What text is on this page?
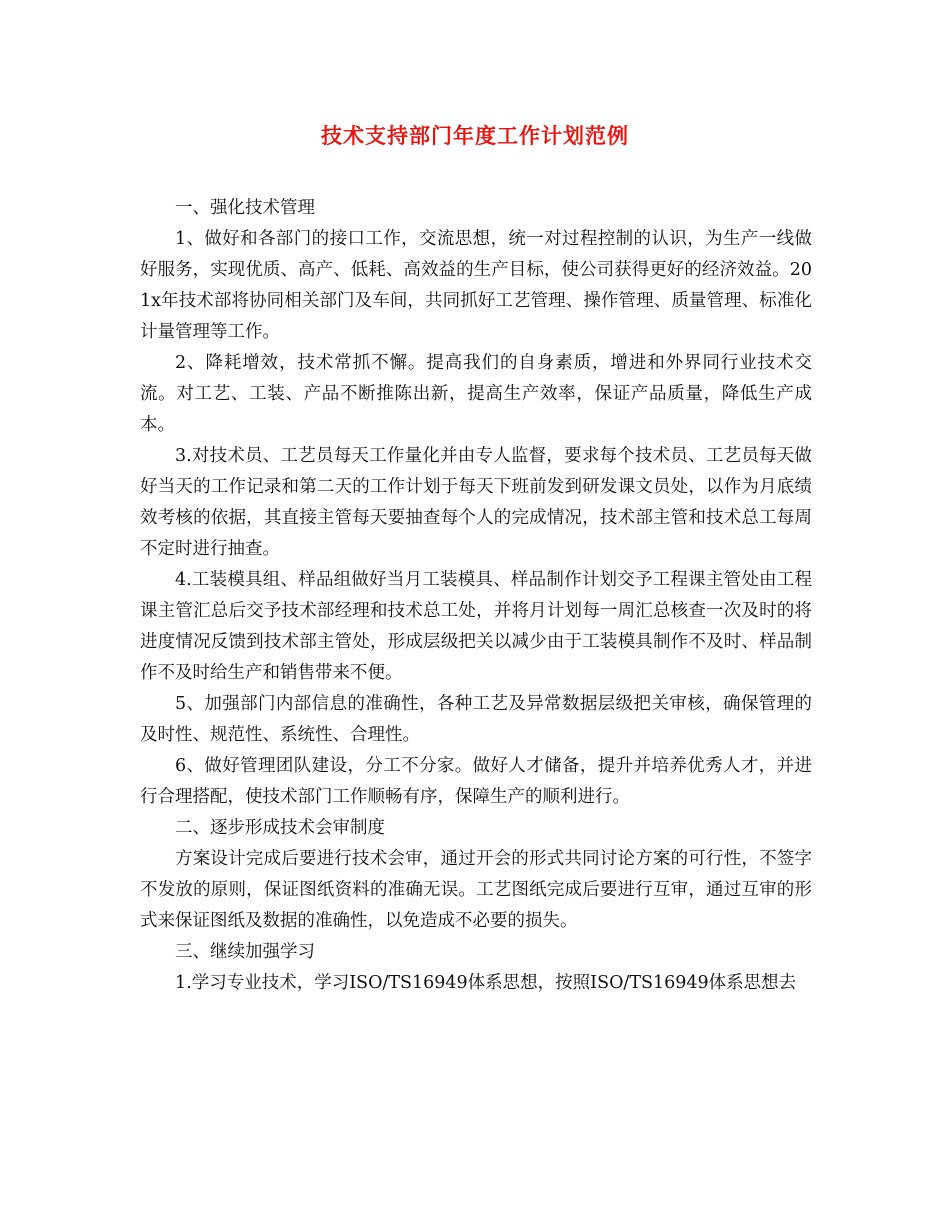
技术支持部门年度工作计划范例

一、强化技术管理

1、做好和各部门的接口工作，交流思想，统一对过程控制的认识，为生产一线做好服务，实现优质、高产、低耗、高效益的生产目标，使公司获得更好的经济效益。201x年技术部将协同相关部门及车间，共同抓好工艺管理、操作管理、质量管理、标准化计量管理等工作。

2、降耗增效，技术常抓不懈。提高我们的自身素质，增进和外界同行业技术交流。对工艺、工装、产品不断推陈出新，提高生产效率，保证产品质量，降低生产成本。

3.对技术员、工艺员每天工作量化并由专人监督，要求每个技术员、工艺员每天做好当天的工作记录和第二天的工作计划于每天下班前发到研发课文员处，以作为月底绩效考核的依据，其直接主管每天要抽查每个人的完成情况，技术部主管和技术总工每周不定时进行抽查。

4.工装模具组、样品组做好当月工装模具、样品制作计划交予工程课主管处由工程课主管汇总后交予技术部经理和技术总工处，并将月计划每一周汇总核查一次及时的将进度情况反馈到技术部主管处，形成层级把关以减少由于工装模具制作不及时、样品制作不及时给生产和销售带来不便。

5、加强部门内部信息的准确性，各种工艺及异常数据层级把关审核，确保管理的及时性、规范性、系统性、合理性。

6、做好管理团队建设，分工不分家。做好人才储备，提升并培养优秀人才，并进行合理搭配，使技术部门工作顺畅有序，保障生产的顺利进行。

二、逐步形成技术会审制度

方案设计完成后要进行技术会审，通过开会的形式共同讨论方案的可行性，不签字不发放的原则，保证图纸资料的准确无误。工艺图纸完成后要进行互审，通过互审的形式来保证图纸及数据的准确性，以免造成不必要的损失。

三、继续加强学习

1.学习专业技术，学习ISO/TS16949体系思想，按照ISO/TS16949体系思想去
